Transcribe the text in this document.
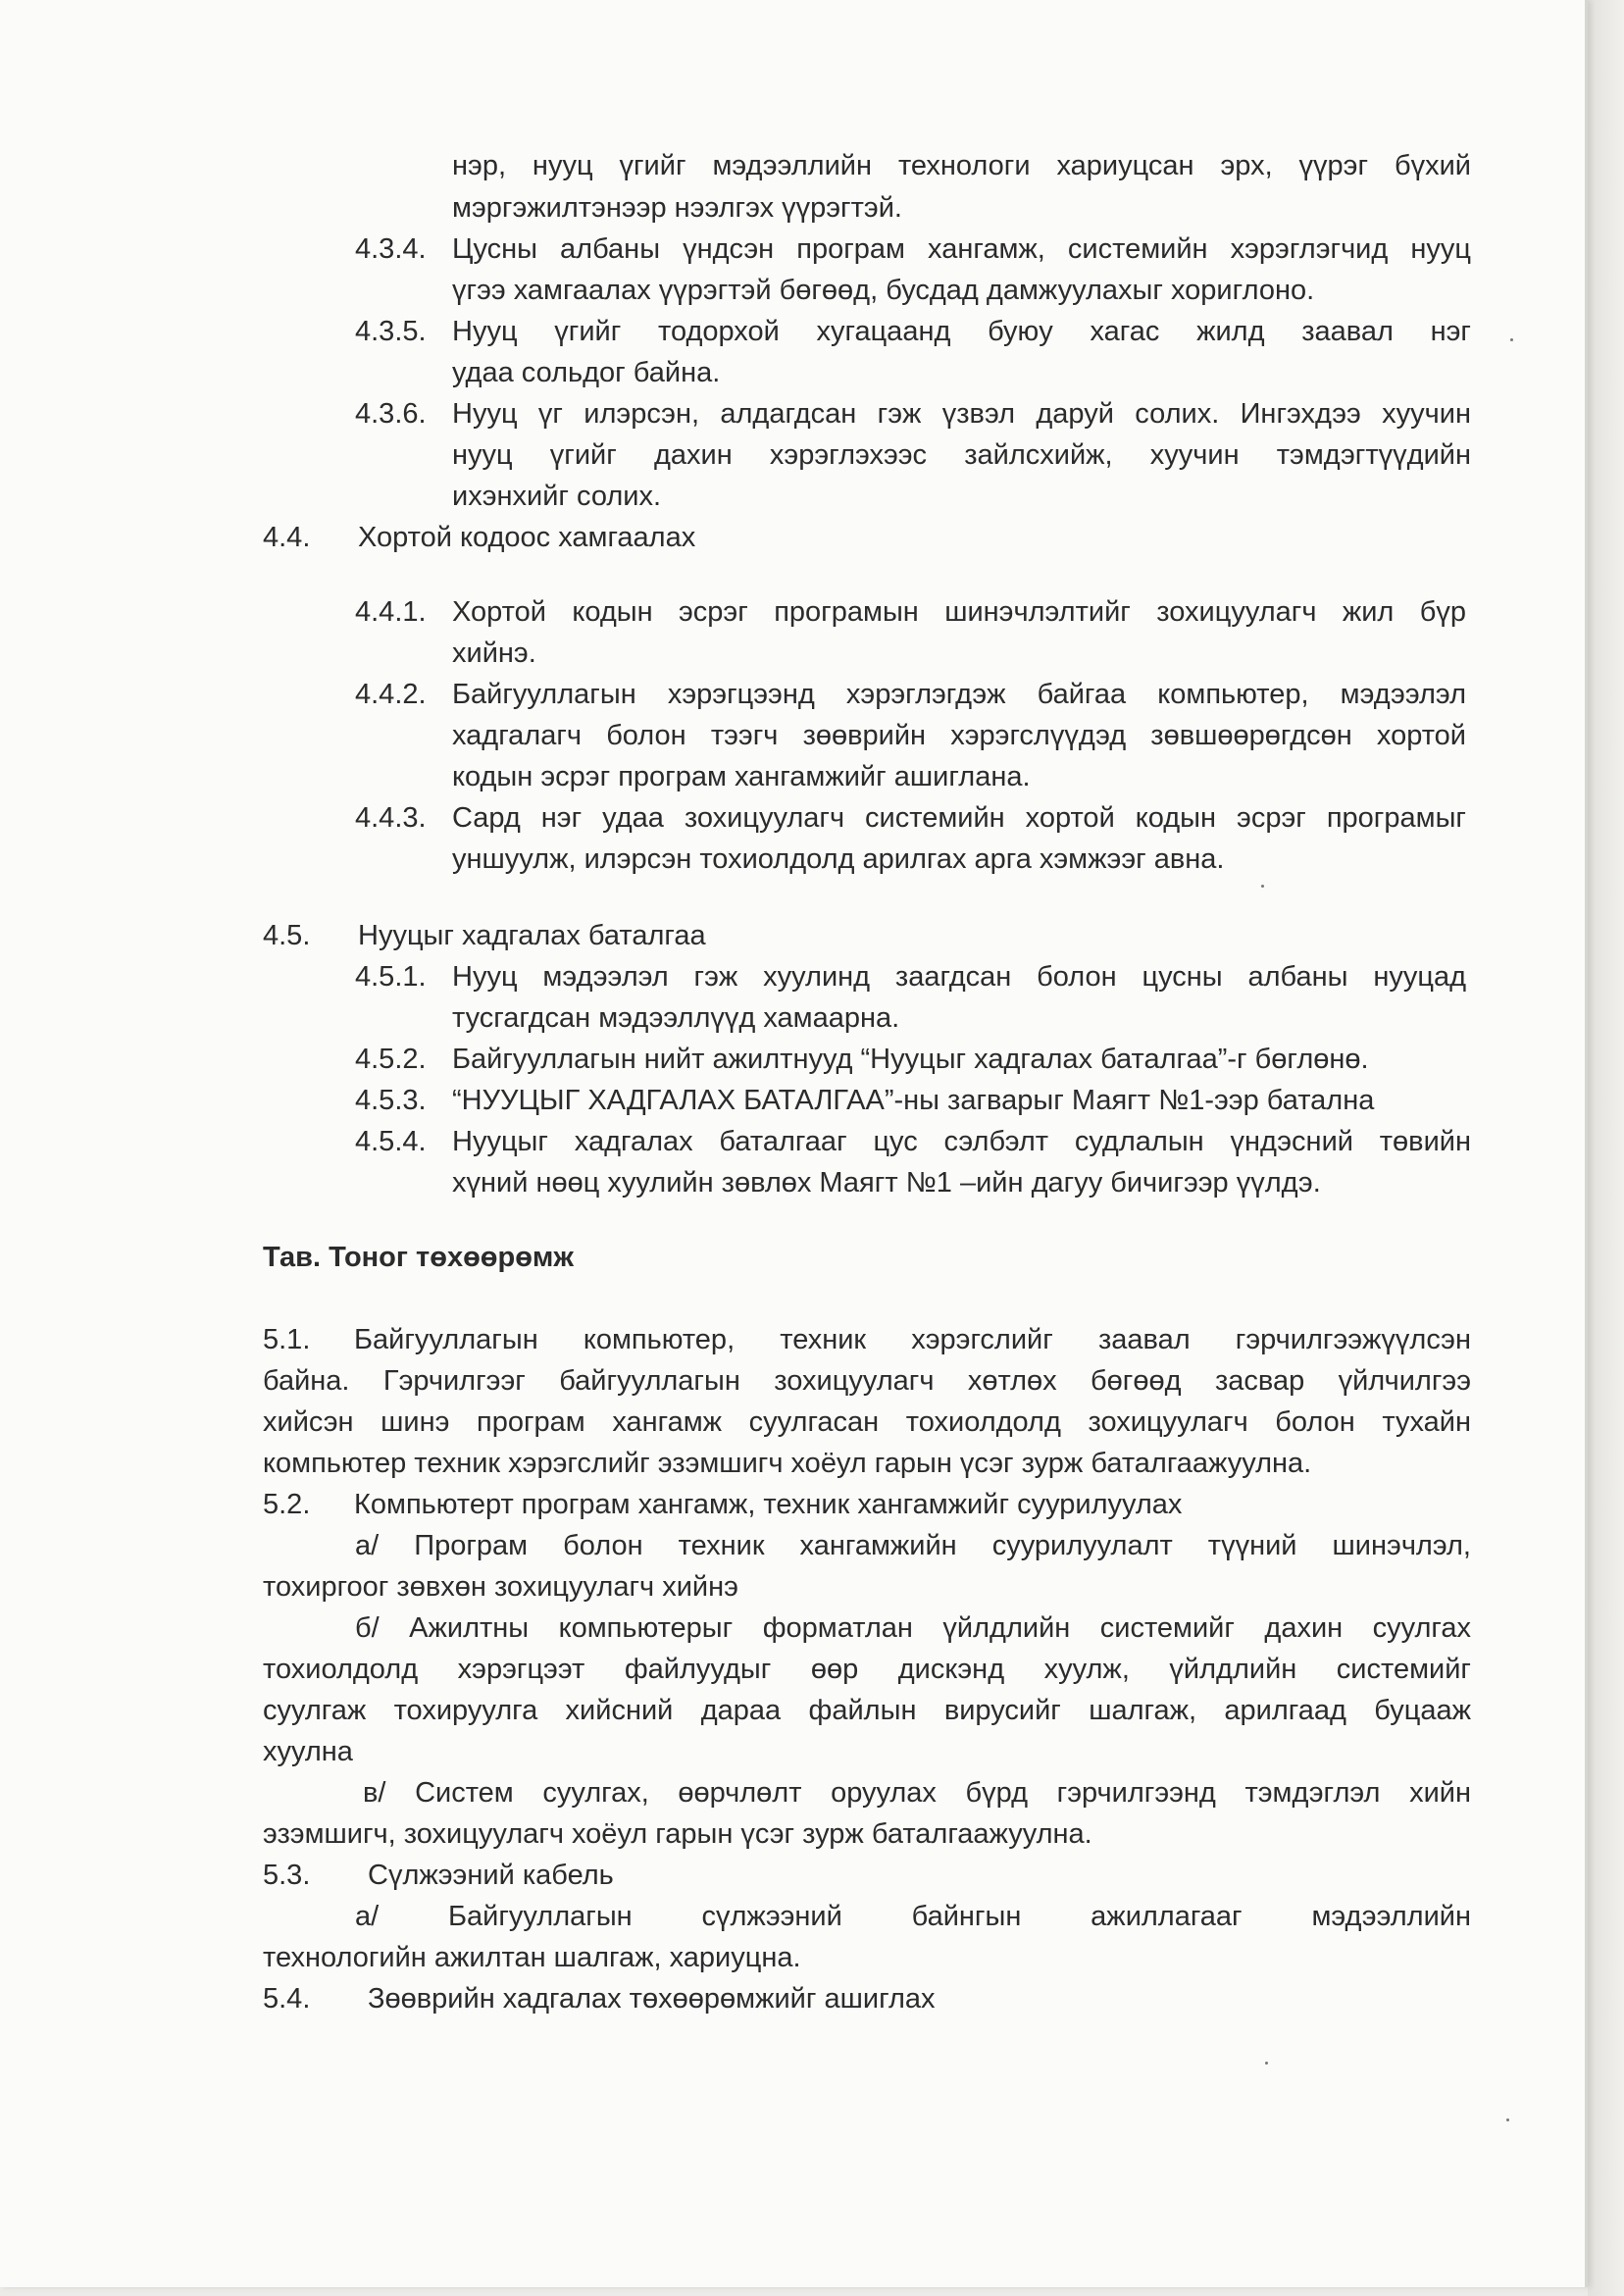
нэр, нууц үгийг мэдээллийн технологи хариуцсан эрх, үүрэг бүхий
мэргэжилтэнээр нээлгэх үүрэгтэй.
4.3.4. Цусны албаны үндсэн програм хангамж, системийн хэрэглэгчид нууц
үгээ хамгаалах үүрэгтэй бөгөөд, бусдад дамжуулахыг хориглоно.
4.3.5. Нууц үгийг тодорхой хугацаанд буюу хагас жилд заавал нэг
удаа сольдог байна.
4.3.6. Нууц үг илэрсэн, алдагдсан гэж үзвэл даруй солих. Ингэхдээ хуучин
нууц үгийг дахин хэрэглэхээс зайлсхийж, хуучин тэмдэгтүүдийн
ихэнхийг солих.
4.4. Хортой кодоос хамгаалах
4.4.1. Хортой кодын эсрэг програмын шинэчлэлтийг зохицуулагч жил бүр
хийнэ.
4.4.2. Байгууллагын хэрэгцээнд хэрэглэгдэж байгаа компьютер, мэдээлэл
хадгалагч болон тээгч зөөврийн хэрэгслүүдэд зөвшөөрөгдсөн хортой
кодын эсрэг програм хангамжийг ашиглана.
4.4.3. Сард нэг удаа зохицуулагч системийн хортой кодын эсрэг програмыг
уншуулж, илэрсэн тохиолдолд арилгах арга хэмжээг авна.
4.5. Нууцыг хадгалах баталгаа
4.5.1. Нууц мэдээлэл гэж хуулинд заагдсан болон цусны албаны нууцад
тусгагдсан мэдээллүүд хамаарна.
4.5.2. Байгууллагын нийт ажилтнууд “Нууцыг хадгалах баталгаа”-г бөглөнө.
4.5.3. “НУУЦЫГ ХАДГАЛАХ БАТАЛГАА”-ны загварыг Маягт №1-ээр батална
4.5.4. Нууцыг хадгалах баталгааг цус сэлбэлт судлалын үндэсний төвийн
хүний нөөц хуулийн зөвлөх Маягт №1 –ийн дагуу бичигээр үүлдэ.
Тав. Тоног төхөөрөмж
5.1. Байгууллагын компьютер, техник хэрэгслийг заавал гэрчилгээжүүлсэн
байна. Гэрчилгээг байгууллагын зохицуулагч хөтлөх бөгөөд засвар үйлчилгээ
хийсэн шинэ програм хангамж суулгасан тохиолдолд зохицуулагч болон тухайн
компьютер техник хэрэгслийг эзэмшигч хоёул гарын үсэг зурж баталгаажуулна.
5.2. Компьютерт програм хангамж, техник хангамжийг суурилуулах
а/ Програм болон техник хангамжийн суурилуулалт түүний шинэчлэл,
тохиргоог зөвхөн зохицуулагч хийнэ
б/ Ажилтны компьютерыг форматлан үйлдлийн системийг дахин суулгах
тохиолдолд хэрэгцээт файлуудыг өөр дискэнд хуулж, үйлдлийн системийг
суулгаж тохируулга хийсний дараа файлын вирусийг шалгаж, арилгаад буцааж
хуулна
в/ Систем суулгах, өөрчлөлт оруулах бүрд гэрчилгээнд тэмдэглэл хийн
эзэмшигч, зохицуулагч хоёул гарын үсэг зурж баталгаажуулна.
5.3. Сүлжээний кабель
а/ Байгууллагын сүлжээний байнгын ажиллагааг мэдээллийн
технологийн ажилтан шалгаж, хариуцна.
5.4. Зөөврийн хадгалах төхөөрөмжийг ашиглах
